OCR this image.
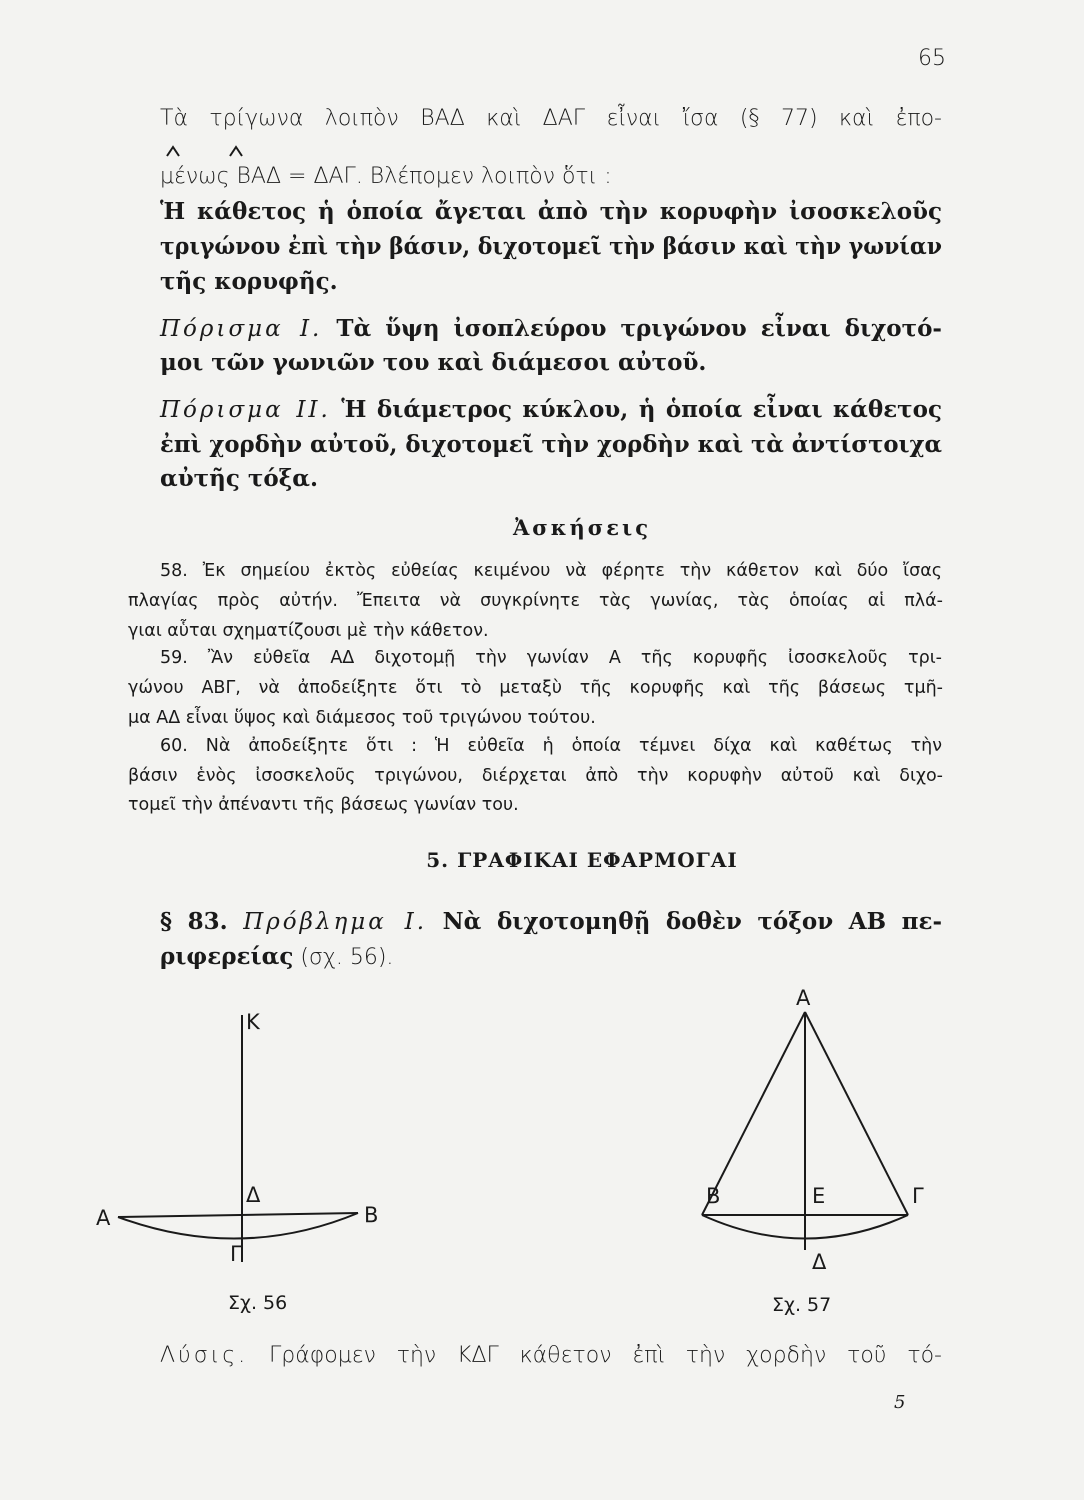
65
Τὰ τρίγωνα λοιπὸν ΒΑΔ καὶ ΔΑΓ εἶναι ἴσα (§ 77) καὶ ἐπο-
μένως ΒΑΔ = ΔΑΓ. Βλέπομεν λοιπὸν ὅτι :
Ἡ κάθετος ἡ ὁποία ἄγεται ἀπὸ τὴν κορυφὴν ἰσοσκελοῦς
τριγώνου ἐπὶ τὴν βάσιν, διχοτομεῖ τὴν βάσιν καὶ τὴν γωνίαν
τῆς κορυφῆς.
Πόρισμα I. Τὰ ὕψη ἰσοπλεύρου τριγώνου εἶναι διχοτό-
μοι τῶν γωνιῶν του καὶ διάμεσοι αὐτοῦ.
Πόρισμα II. Ἡ διάμετρος κύκλου, ἡ ὁποία εἶναι κάθετος
ἐπὶ χορδὴν αὐτοῦ, διχοτομεῖ τὴν χορδὴν καὶ τὰ ἀντίστοιχα
αὐτῆς τόξα.
Ἀσκήσεις
58. Ἐκ σημείου ἐκτὸς εὐθείας κειμένου νὰ φέρητε τὴν κάθετον καὶ δύο ἴσας
πλαγίας πρὸς αὐτήν. Ἔπειτα νὰ συγκρίνητε τὰς γωνίας, τὰς ὁποίας αἱ πλά-
γιαι αὗται σχηματίζουσι μὲ τὴν κάθετον.
59. Ἂν εὐθεῖα ΑΔ διχοτομῇ τὴν γωνίαν Α τῆς κορυφῆς ἰσοσκελοῦς τρι-
γώνου ΑΒΓ, νὰ ἀποδείξητε ὅτι τὸ μεταξὺ τῆς κορυφῆς καὶ τῆς βάσεως τμῆ-
μα ΑΔ εἶναι ὕψος καὶ διάμεσος τοῦ τριγώνου τούτου.
60. Νὰ ἀποδείξητε ὅτι : Ἡ εὐθεῖα ἡ ὁποία τέμνει δίχα καὶ καθέτως τὴν
βάσιν ἑνὸς ἰσοσκελοῦς τριγώνου, διέρχεται ἀπὸ τὴν κορυφὴν αὐτοῦ καὶ διχο-
τομεῖ τὴν ἀπέναντι τῆς βάσεως γωνίαν του.
5. ΓΡΑΦΙΚΑΙ ΕΦΑΡΜΟΓΑΙ
§ 83. Πρόβλημα I. Νὰ διχοτομηθῇ δοθὲν τόξον ΑΒ πε-
ριφερείας (σχ. 56).
Κ
Δ
Α	Β
Γ
Σχ. 56
Α
Β	Ε	Γ
Δ
Σχ. 57
Λύσις. Γράφομεν τὴν ΚΔΓ κάθετον ἐπὶ τὴν χορδὴν τοῦ τό-
5
